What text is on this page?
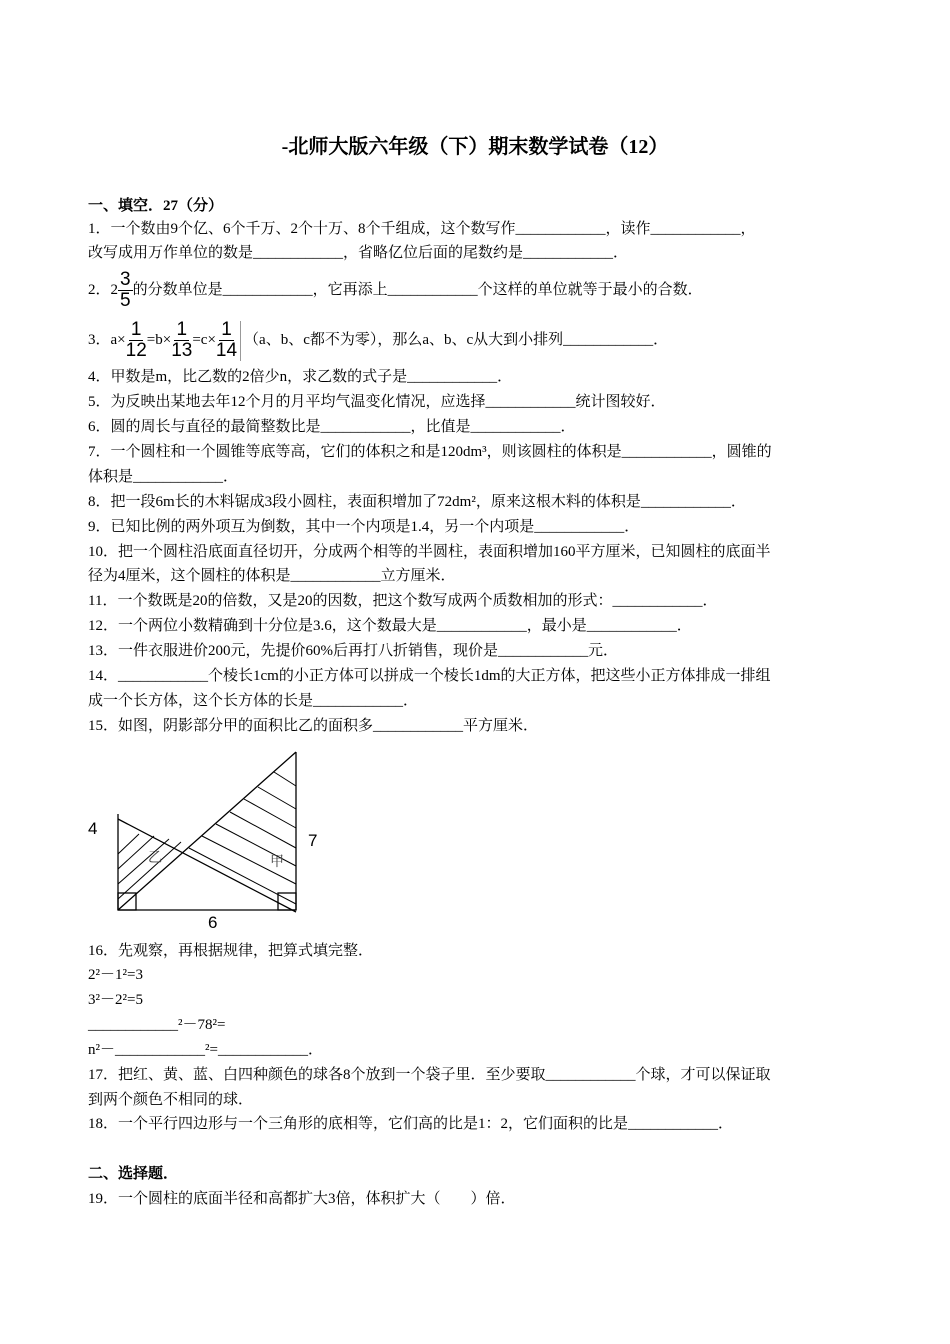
-北师大版六年级（下）期末数学试卷（12）
一、填空．27（分）
1．一个数由9个亿、6个千万、2个十万、8个千组成，这个数写作____________，读作____________，
改写成用万作单位的数是____________，省略亿位后面的尾数约是____________．
2．$2 \frac{3}{5}$ 的分数单位是____________，它再添上____________个这样的单位就等于最小的合数．
3．$a\times \frac{1}{12} =b\times \frac{1}{13} =c\times \frac{1}{14} (a$、b、c都不为零），那么a、b、c从大到小排列____________．
4．甲数是m，比乙数的2倍少n，求乙数的式子是____________．
5．为反映出某地去年12个月的月平均气温变化情况，应选择____________统计图较好．
6．圆的周长与直径的最简整数比是____________，比值是____________．
7．一个圆柱和一个圆锥等底等高，它们的体积之和是120dm³，则该圆柱的体积是____________，圆锥的
体积是____________．
8．把一段6m长的木料锯成3段小圆柱，表面积增加了72dm²，原来这根木料的体积是____________．
9．已知比例的两外项互为倒数，其中一个内项是1.4，另一个内项是____________．
10．把一个圆柱沿底面直径切开，分成两个相等的半圆柱，表面积增加160平方厘米，已知圆柱的底面半
径为4厘米，这个圆柱的体积是____________立方厘米．
11．一个数既是20的倍数，又是20的因数，把这个数写成两个质数相加的形式：____________．
12．一个两位小数精确到十分位是3.6，这个数最大是____________，最小是____________．
13．一件衣服进价200元，先提价60%后再打八折销售，现价是____________元．
14．____________个棱长1cm的小正方体可以拼成一个棱长1dm的大正方体，把这些小正方体排成一排组
成一个长方体，这个长方体的长是____________．
15．如图，阴影部分甲的面积比乙的面积多____________平方厘米．
4
7
6
乙	甲
16．先观察，再根据规律，把算式填完整．
2²－1²=3
3²－2²=5
____________²－78²=
n²－____________²=____________．
17．把红、黄、蓝、白四种颜色的球各8个放到一个袋子里．至少要取____________个球，才可以保证取
到两个颜色不相同的球．
18．一个平行四边形与一个三角形的底相等，它们高的比是1：2，它们面积的比是____________．
二、选择题．
19．一个圆柱的底面半径和高都扩大3倍，体积扩大（　　）倍．
